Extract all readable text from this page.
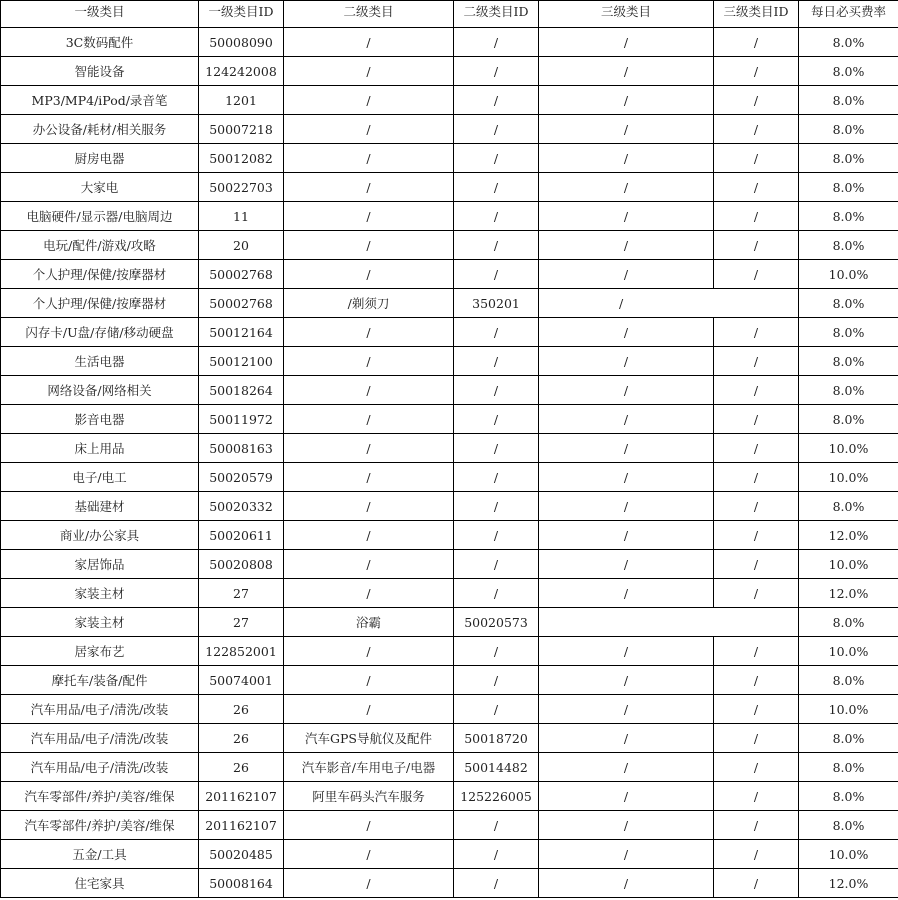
一级类目	一级类目ID	二级类目	二级类目ID	三级类目	三级类目ID	每日必买费率
3C数码配件	50008090	/	/	/	/	8.0%
智能设备	124242008	/	/	/	/	8.0%
MP3/MP4/iPod/录音笔	1201	/	/	/	/	8.0%
办公设备/耗材/相关服务	50007218	/	/	/	/	8.0%
厨房电器	50012082	/	/	/	/	8.0%
大家电	50022703	/	/	/	/	8.0%
电脑硬件/显示器/电脑周边	11	/	/	/	/	8.0%
电玩/配件/游戏/攻略	20	/	/	/	/	8.0%
个人护理/保健/按摩器材	50002768	/	/	/	/	10.0%
个人护理/保健/按摩器材	50002768	/剃须刀	350201	/		8.0%
闪存卡/U盘/存储/移动硬盘	50012164	/	/	/	/	8.0%
生活电器	50012100	/	/	/	/	8.0%
网络设备/网络相关	50018264	/	/	/	/	8.0%
影音电器	50011972	/	/	/	/	8.0%
床上用品	50008163	/	/	/	/	10.0%
电子/电工	50020579	/	/	/	/	10.0%
基础建材	50020332	/	/	/	/	8.0%
商业/办公家具	50020611	/	/	/	/	12.0%
家居饰品	50020808	/	/	/	/	10.0%
家装主材	27	/	/	/	/	12.0%
家装主材	27	浴霸	50020573			8.0%
居家布艺	122852001	/	/	/	/	10.0%
摩托车/装备/配件	50074001	/	/	/	/	8.0%
汽车用品/电子/清洗/改装	26	/	/	/	/	10.0%
汽车用品/电子/清洗/改装	26	汽车GPS导航仪及配件	50018720	/	/	8.0%
汽车用品/电子/清洗/改装	26	汽车影音/车用电子/电器	50014482	/	/	8.0%
汽车零部件/养护/美容/维保	201162107	阿里车码头汽车服务	125226005	/	/	8.0%
汽车零部件/养护/美容/维保	201162107	/	/	/	/	8.0%
五金/工具	50020485	/	/	/	/	10.0%
住宅家具	50008164	/	/	/	/	12.0%
